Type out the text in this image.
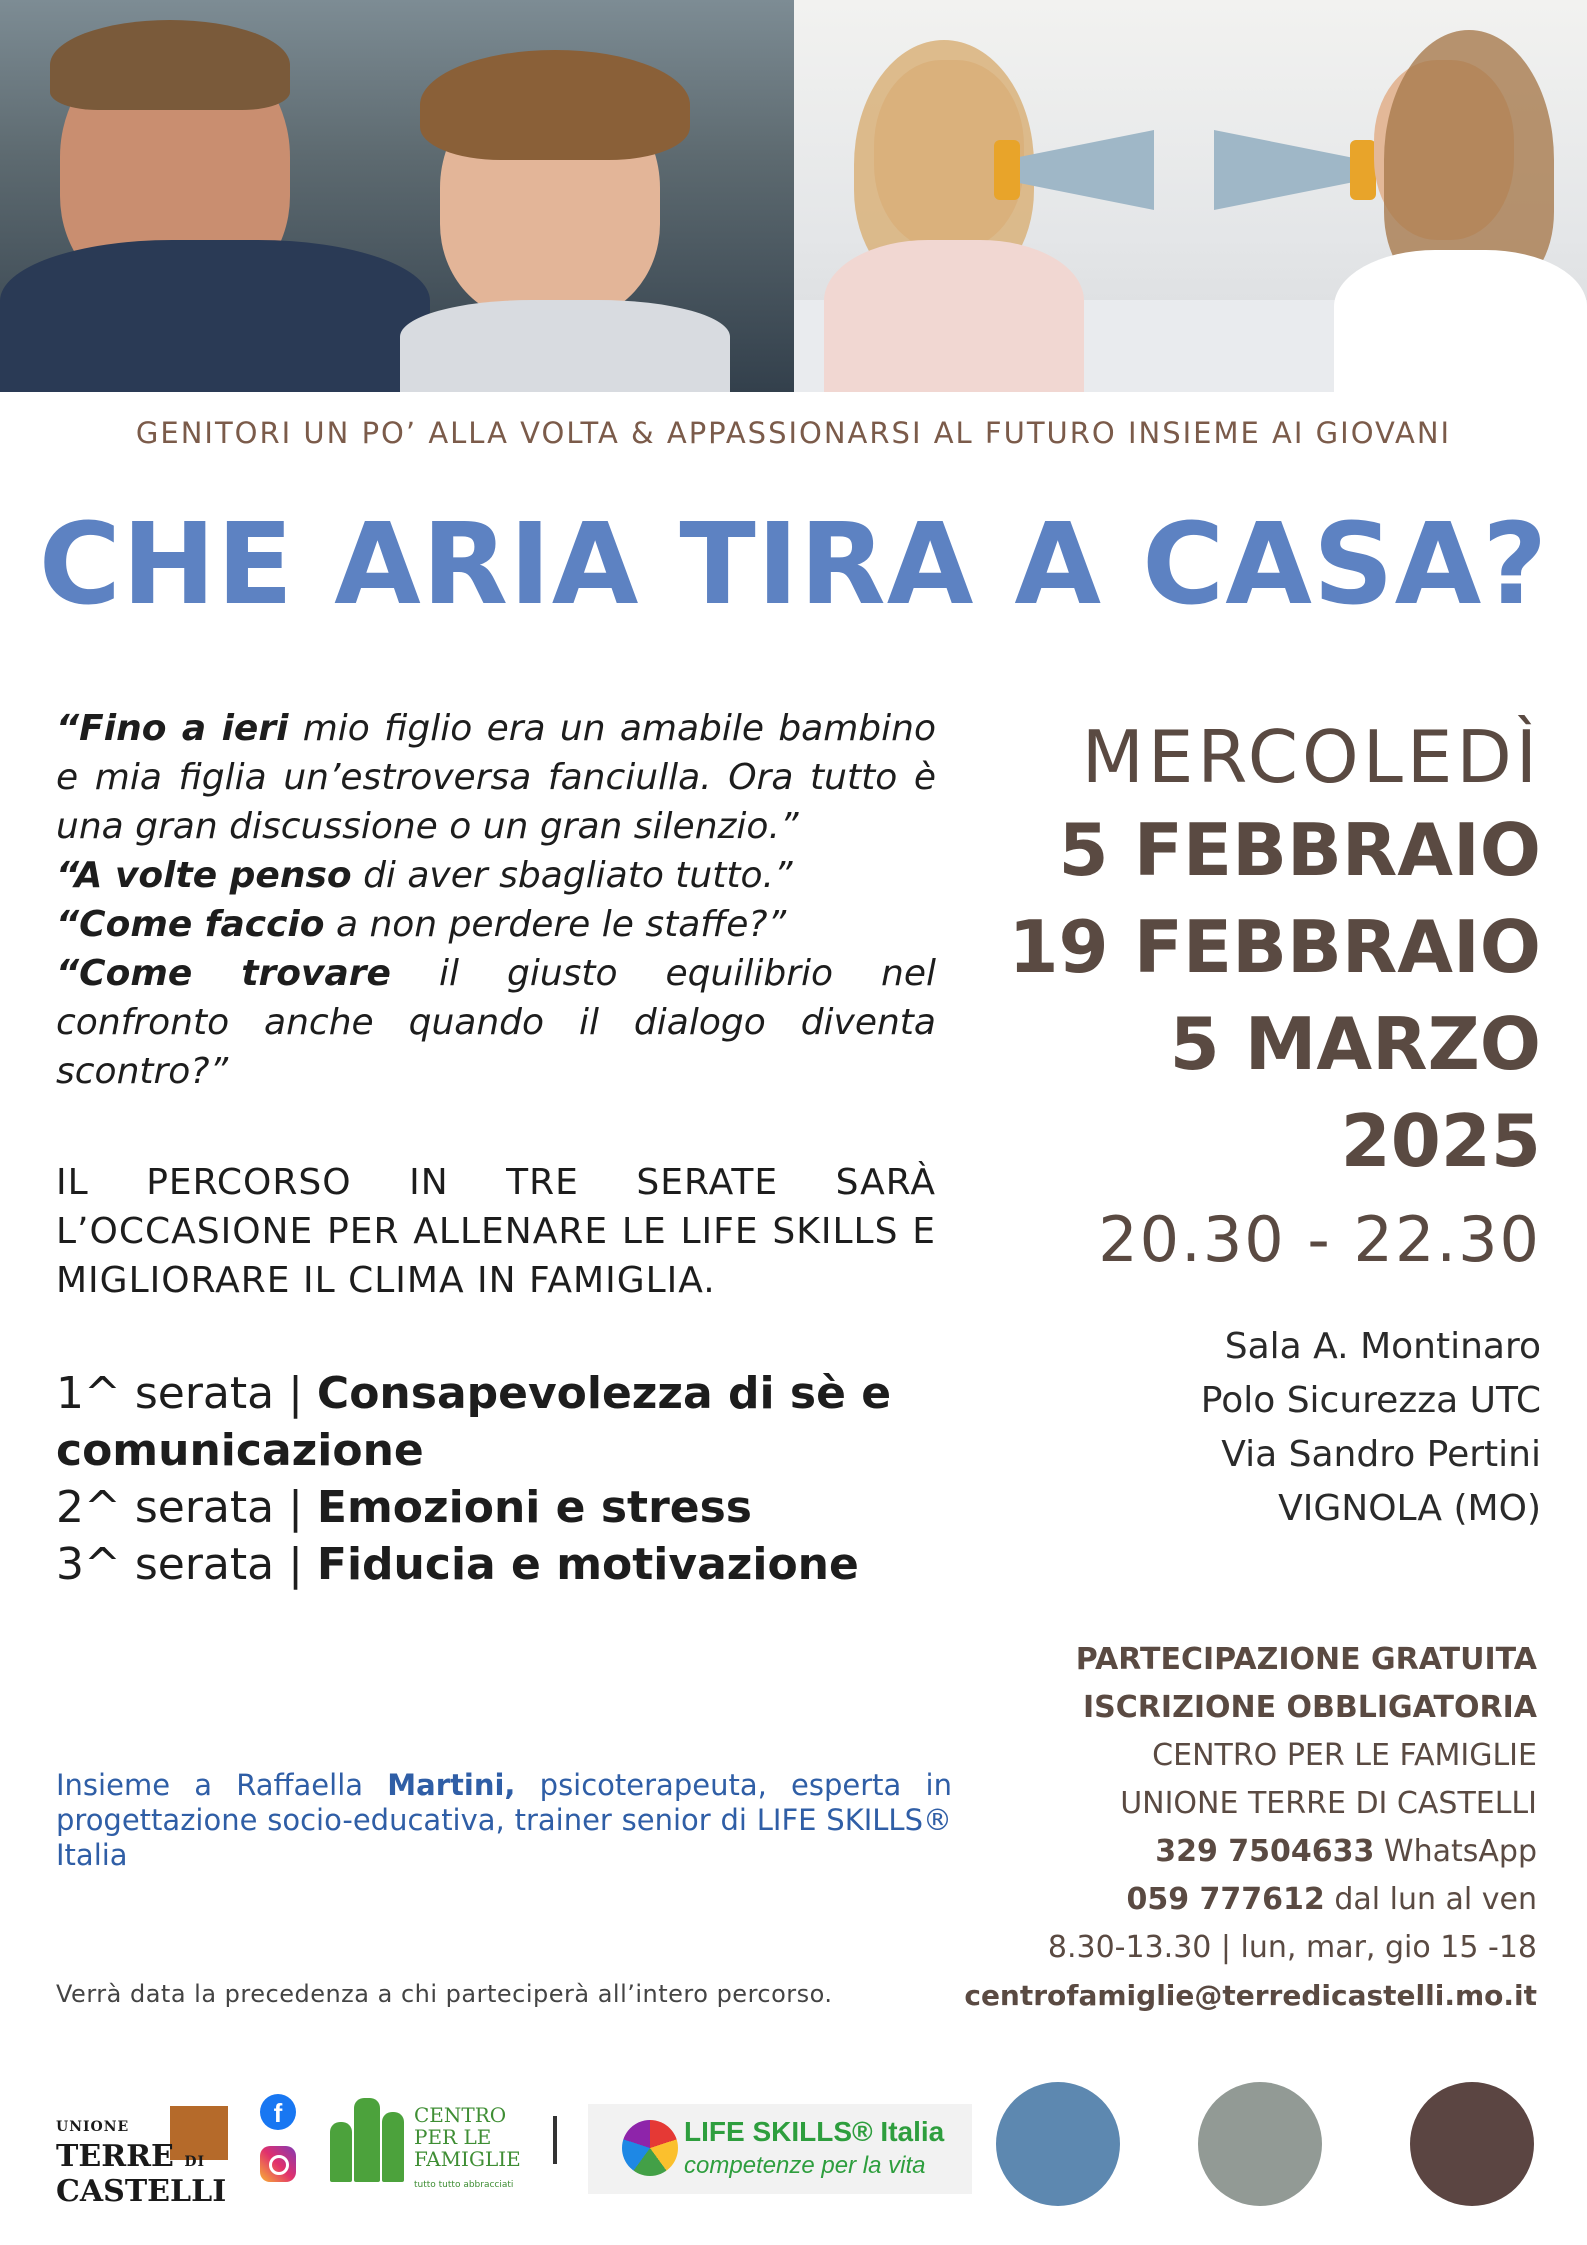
GENITORI UN PO’ ALLA VOLTA & APPASSIONARSI AL FUTURO INSIEME AI GIOVANI
CHE ARIA TIRA A CASA?

“Fino a ieri mio figlio era un amabile bambino e mia figlia un’estroversa fanciulla. Ora tutto è una gran discussione o un gran silenzio.”

“A volte penso di aver sbagliato tutto.”

“Come faccio a non perdere le staffe?”

“Come trovare il giusto equilibrio nel confronto anche quando il dialogo diventa scontro?”

IL PERCORSO IN TRE SERATE SARÀ L’OCCASIONE PER ALLENARE LE LIFE SKILLS E MIGLIORARE IL CLIMA IN FAMIGLIA.
1^ serata | Consapevolezza di sè e comunicazione
2^ serata | Emozioni e stress
3^ serata | Fiducia e motivazione
Insieme a Raffaella Martini, psicoterapeuta, esperta in progettazione socio-educativa, trainer senior di LIFE SKILLS® Italia
Verrà data la precedenza a chi parteciperà all’intero percorso.
MERCOLEDÌ
5 FEBBRAIO
19 FEBBRAIO
5 MARZO
2025
20.30 - 22.30
Sala A. Montinaro
Polo Sicurezza UTC
Via Sandro Pertini
VIGNOLA (MO)
PARTECIPAZIONE GRATUITA
ISCRIZIONE OBBLIGATORIA
CENTRO PER LE FAMIGLIE
UNIONE TERRE DI CASTELLI
329 7504633 WhatsApp
059 777612 dal lun al ven
8.30-13.30 | lun, mar, gio 15 -18
centrofamiglie@terredicastelli.mo.it
UNIONE
TERRE DI
CASTELLI
f	CENTRO
PER LE
FAMIGLIE
tutto tutto abbracciati
LIFE SKILLS® Italia
competenze per la vita
